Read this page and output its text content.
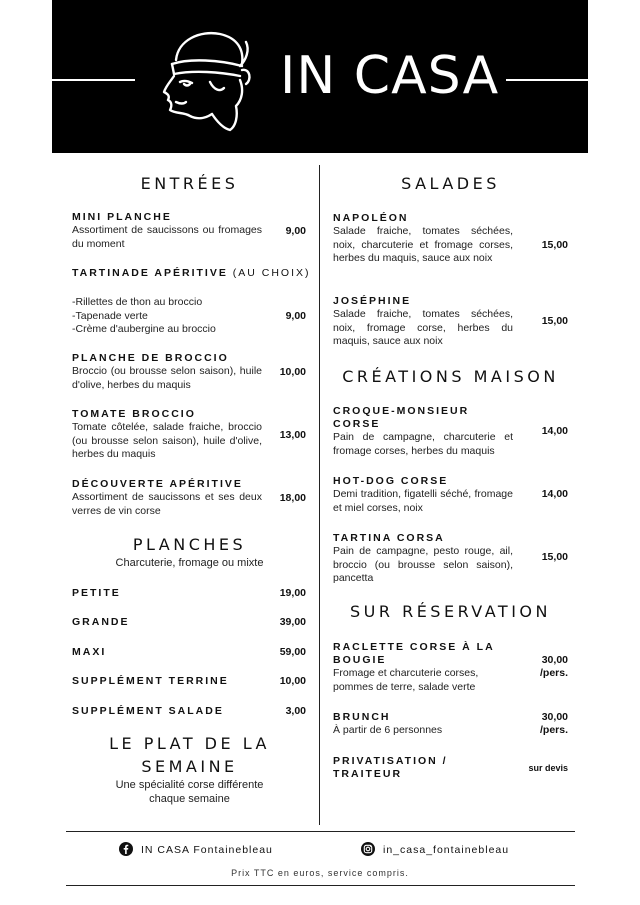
IN CASA
ENTRÉES
MINI PLANCHE
Assortiment de saucissons ou fromages du moment
9,00
TARTINADE APÉRITIVE (AU CHOIX)
-Rillettes de thon au broccio
-Tapenade verte
-Crème d'aubergine au broccio
9,00
PLANCHE DE BROCCIO
Broccio (ou brousse selon saison), huile d'olive, herbes du maquis
10,00
TOMATE BROCCIO
Tomate côtelée, salade fraiche, broccio (ou brousse selon saison), huile d'olive, herbes du maquis
13,00
DÉCOUVERTE APÉRITIVE
Assortiment de saucissons et ses deux verres de vin corse
18,00
PLANCHES
Charcuterie, fromage ou mixte
PETITE	19,00
GRANDE	39,00
MAXI	59,00
SUPPLÉMENT TERRINE	10,00
SUPPLÉMENT SALADE	3,00
LE PLAT DE LA
SEMAINE
Une spécialité corse différente
chaque semaine
SALADES
NAPOLÉON
Salade fraiche, tomates séchées, noix, charcuterie et fromage corses, herbes du maquis, sauce aux noix
15,00
JOSÉPHINE
Salade fraiche, tomates séchées, noix, fromage corse, herbes du maquis, sauce aux noix
15,00
CRÉATIONS MAISON
CROQUE-MONSIEUR CORSE
Pain de campagne, charcuterie et fromage corses, herbes du maquis
14,00
HOT-DOG CORSE
Demi tradition, figatelli séché, fromage et miel corses, noix
14,00
TARTINA CORSA
Pain de campagne, pesto rouge, ail, broccio (ou brousse selon saison), pancetta
15,00
SUR RÉSERVATION
RACLETTE CORSE À LA
BOUGIE
Fromage et charcuterie corses,
pommes de terre, salade verte
30,00
/pers.
BRUNCH
À partir de 6 personnes
30,00
/pers.
PRIVATISATION /
TRAITEUR	sur devis
IN CASA Fontainebleau	in_casa_fontainebleau
Prix TTC en euros, service compris.
